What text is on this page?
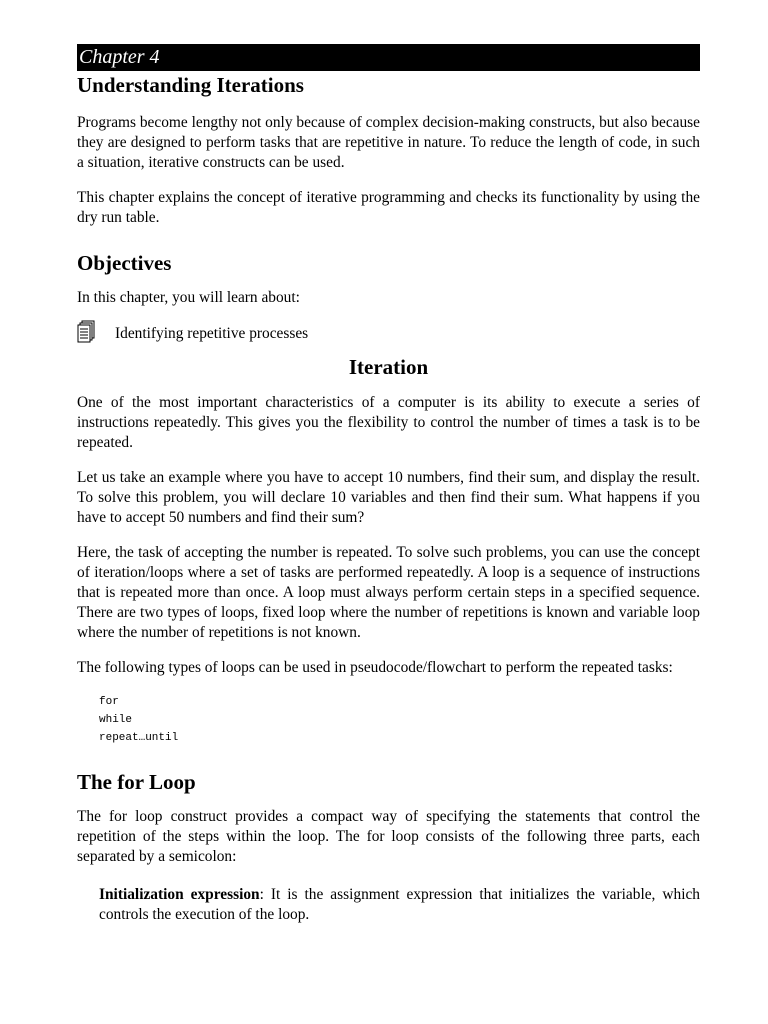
Chapter 4
Understanding Iterations

Programs become lengthy not only because of complex decision-making constructs, but also because they are designed to perform tasks that are repetitive in nature. To reduce the length of code, in such a situation, iterative constructs can be used.

This chapter explains the concept of iterative programming and checks its functionality by using the dry run table.

Objectives

In this chapter, you will learn about:

Identifying repetitive processes
Iteration

One of the most important characteristics of a computer is its ability to execute a series of instructions repeatedly. This gives you the flexibility to control the number of times a task is to be repeated.

Let us take an example where you have to accept 10 numbers, find their sum, and display the result. To solve this problem, you will declare 10 variables and then find their sum. What happens if you have to accept 50 numbers and find their sum?

Here, the task of accepting the number is repeated. To solve such problems, you can use the concept of iteration/loops where a set of tasks are performed repeatedly. A loop is a sequence of instructions that is repeated more than once. A loop must always perform certain steps in a specified sequence. There are two types of loops, fixed loop where the number of repetitions is known and variable loop where the number of repetitions is not known.

The following types of loops can be used in pseudocode/flowchart to perform the repeated tasks:

for
while
repeat…until
The for Loop

The for loop construct provides a compact way of specifying the statements that control the repetition of the steps within the loop. The for loop consists of the following three parts, each separated by a semicolon:

Initialization expression: It is the assignment expression that initializes the variable, which controls the execution of the loop.
